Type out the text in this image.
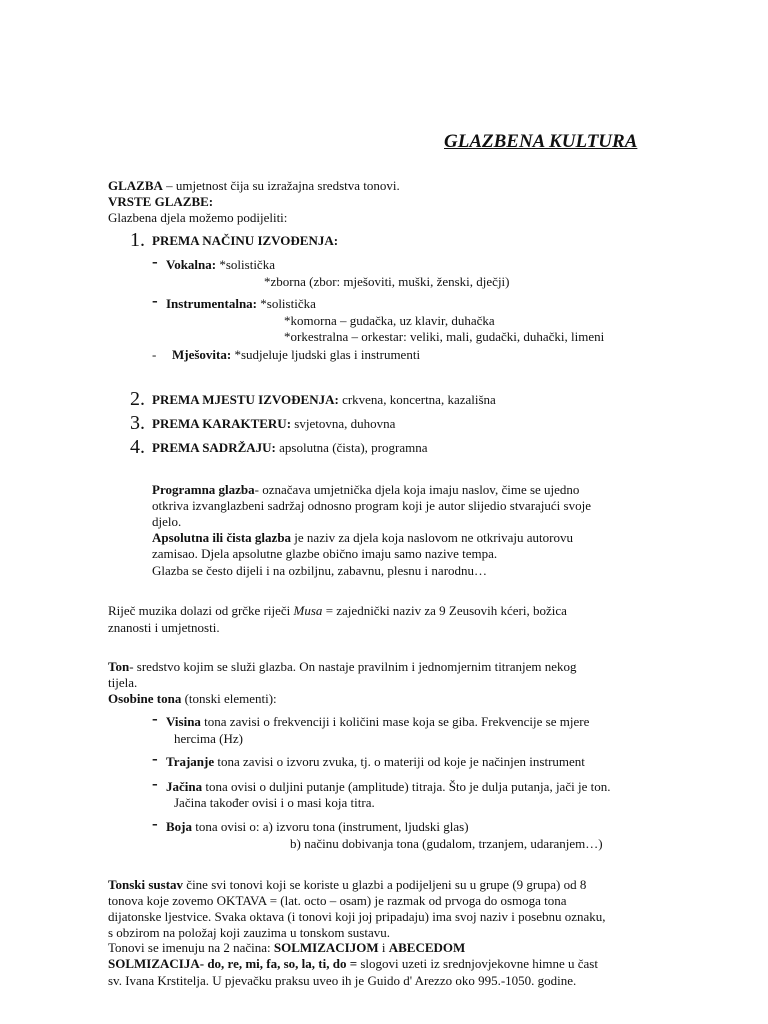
GLAZBENA KULTURA
GLAZBA – umjetnost čija su izražajna sredstva tonovi.
VRSTE GLAZBE:
Glazbena djela možemo podijeliti:
1. PREMA NAČINU IZVOĐENJA:
- Vokalna: *solistička
*zborna (zbor: mješoviti, muški, ženski, dječji)
- Instrumentalna: *solistička
*komorna – gudačka, uz klavir, duhačka
*orkestralna – orkestar: veliki, mali, gudački, duhački, limeni
- Mješovita: *sudjeluje ljudski glas i instrumenti
2. PREMA MJESTU IZVOĐENJA: crkvena, koncertna, kazališna
3. PREMA KARAKTERU: svjetovna, duhovna
4. PREMA SADRŽAJU: apsolutna (čista), programna
Programna glazba- označava umjetnička djela koja imaju naslov, čime se ujedno
otkriva izvanglazbeni sadržaj odnosno program koji je autor slijedio stvarajući svoje
djelo.
Apsolutna ili čista glazba je naziv za djela koja naslovom ne otkrivaju autorovu
zamisao. Djela apsolutne glazbe obično imaju samo nazive tempa.
Glazba se često dijeli i na ozbiljnu, zabavnu, plesnu i narodnu…
Riječ muzika dolazi od grčke riječi Musa = zajednički naziv za 9 Zeusovih kćeri, božica
znanosti i umjetnosti.
Ton- sredstvo kojim se služi glazba. On nastaje pravilnim i jednomjernim titranjem nekog
tijela.
Osobine tona (tonski elementi):
- Visina tona zavisi o frekvenciji i količini mase koja se giba. Frekvencije se mjere
hercima (Hz)
- Trajanje tona zavisi o izvoru zvuka, tj. o materiji od koje je načinjen instrument
- Jačina tona ovisi o duljini putanje (amplitude) titraja. Što je dulja putanja, jači je ton.
Jačina također ovisi i o masi koja titra.
- Boja tona ovisi o: a) izvoru tona (instrument, ljudski glas)
b) načinu dobivanja tona (gudalom, trzanjem, udaranjem…)
Tonski sustav čine svi tonovi koji se koriste u glazbi a podijeljeni su u grupe (9 grupa) od 8
tonova koje zovemo OKTAVA = (lat. octo – osam) je razmak od prvoga do osmoga tona
dijatonske ljestvice. Svaka oktava (i tonovi koji joj pripadaju) ima svoj naziv i posebnu oznaku,
s obzirom na položaj koji zauzima u tonskom sustavu.
Tonovi se imenuju na 2 načina: SOLMIZACIJOM i ABECEDOM
SOLMIZACIJA- do, re, mi, fa, so, la, ti, do = slogovi uzeti iz srednjovjekovne himne u čast
sv. Ivana Krstitelja. U pjevačku praksu uveo ih je Guido d' Arezzo oko 995.-1050. godine.
